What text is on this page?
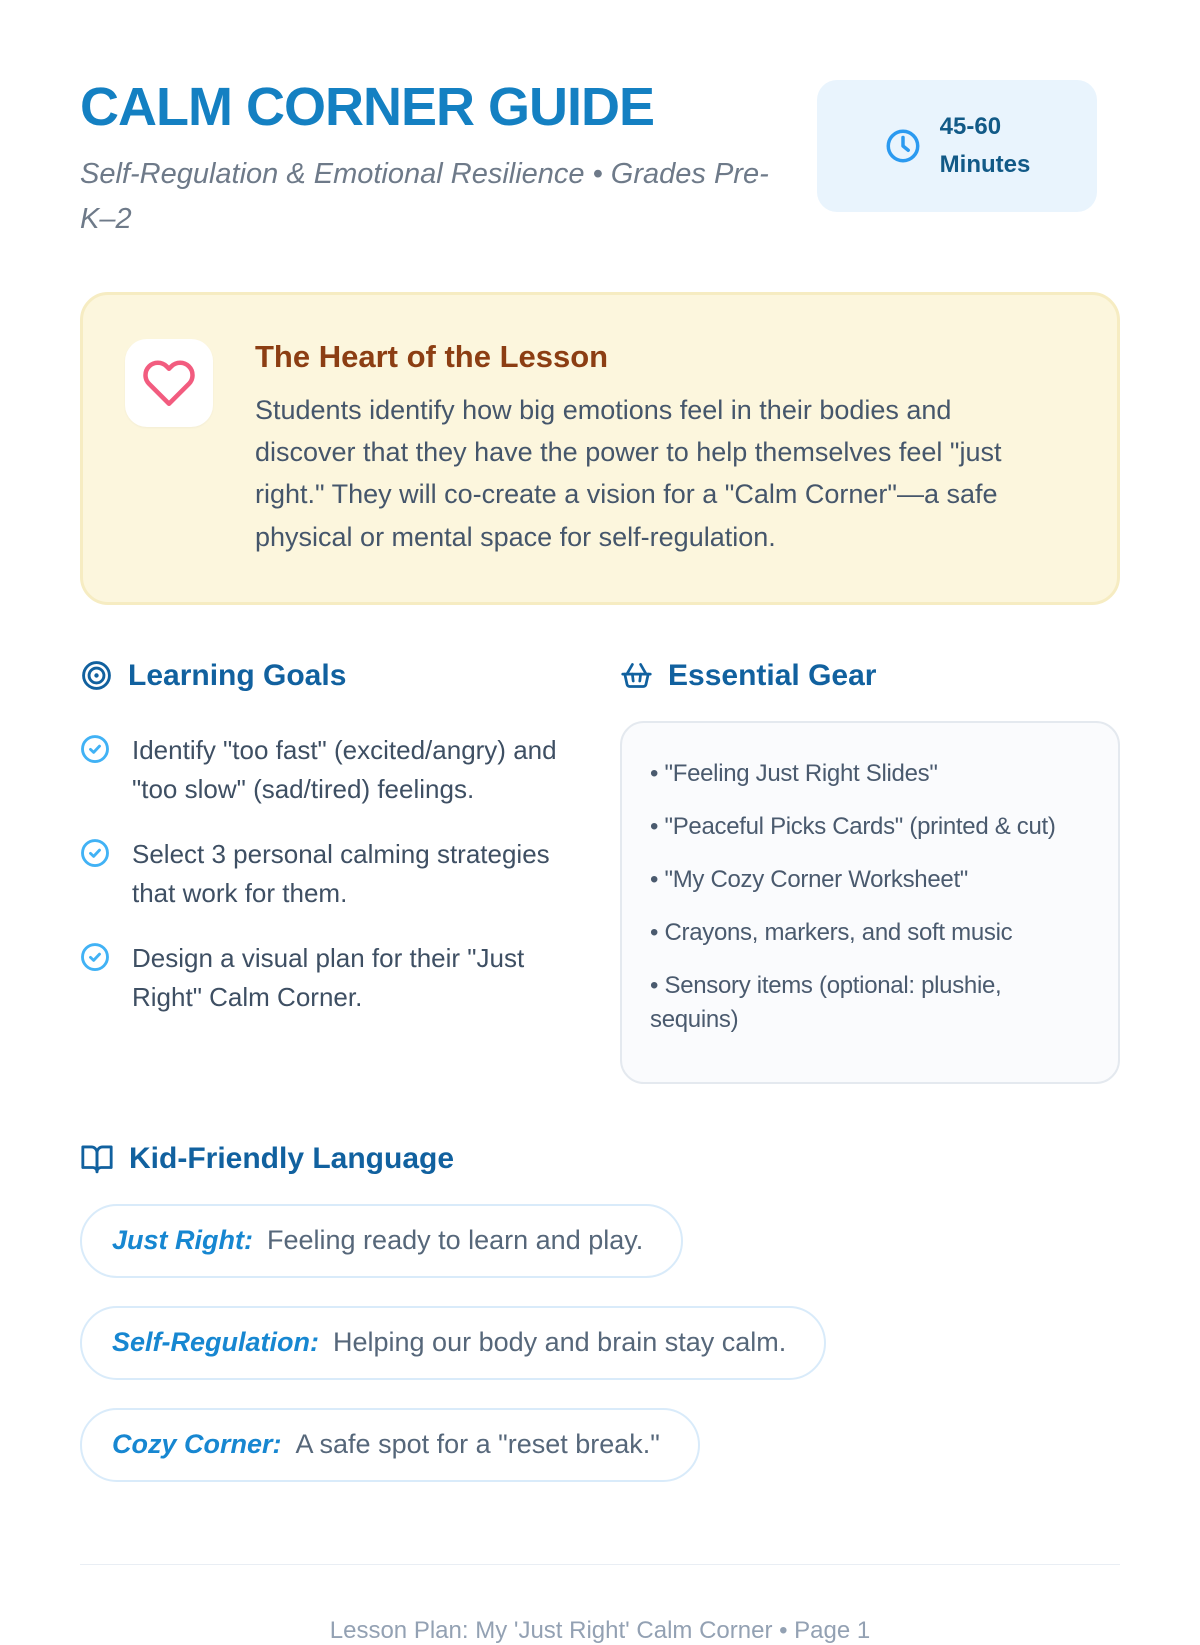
CALM CORNER GUIDE
Self-Regulation & Emotional Resilience • Grades Pre-K–2
45-60
Minutes
The Heart of the Lesson
Students identify how big emotions feel in their bodies and discover that they have the power to help themselves feel "just right." They will co-create a vision for a "Calm Corner"—a safe physical or mental space for self-regulation.
Learning Goals
Identify "too fast" (excited/angry) and "too slow" (sad/tired) feelings.
Select 3 personal calming strategies that work for them.
Design a visual plan for their "Just Right" Calm Corner.
Essential Gear
• "Feeling Just Right Slides"
• "Peaceful Picks Cards" (printed & cut)
• "My Cozy Corner Worksheet"
• Crayons, markers, and soft music
• Sensory items (optional: plushie, sequins)
Kid-Friendly Language
Just Right: Feeling ready to learn and play.
Self-Regulation: Helping our body and brain stay calm.
Cozy Corner: A safe spot for a "reset break."
Lesson Plan: My 'Just Right' Calm Corner • Page 1
